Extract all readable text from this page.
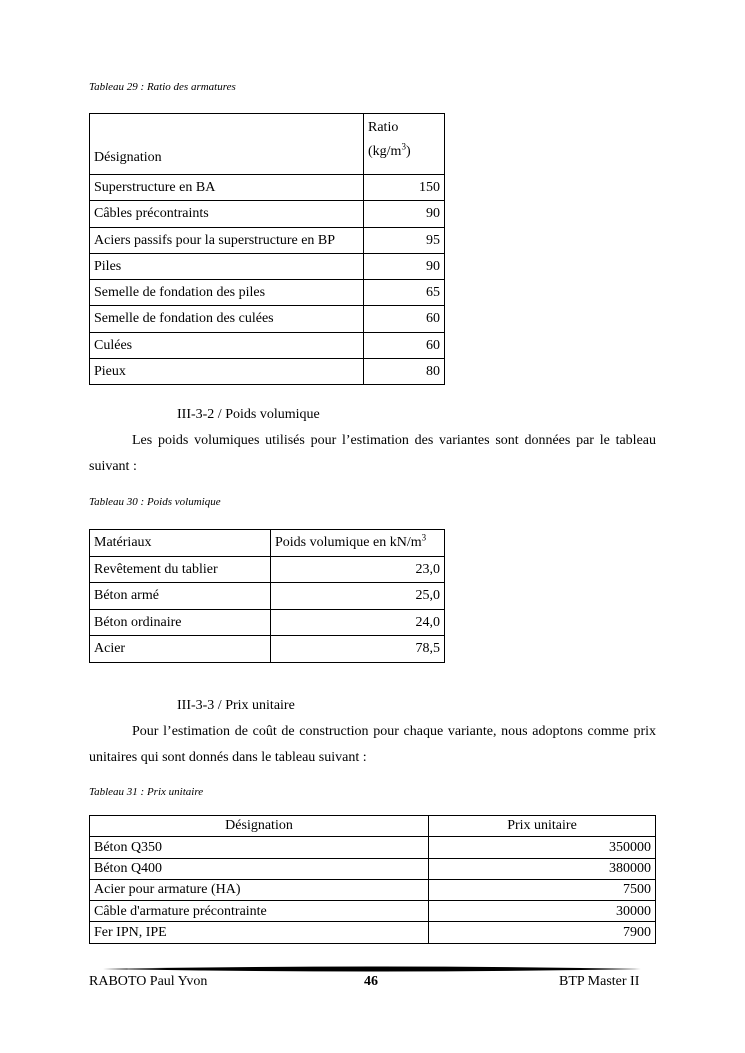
Tableau 29 : Ratio des armatures
Désignation	Ratio
$(kg/m^3)$
Superstructure en BA	150
Câbles précontraints	90
Aciers passifs pour la superstructure en BP	95
Piles	90
Semelle de fondation des piles	65
Semelle de fondation des culées	60
Culées	60
Pieux	80
III-3-2 / Poids volumique
Les poids volumiques utilisés pour l’estimation des variantes sont données par le tableau suivant :
Tableau 30 : Poids volumique
Matériaux	Poids volumique en $kN/m^3$
Revêtement du tablier	23,0
Béton armé	25,0
Béton ordinaire	24,0
Acier	78,5
III-3-3 / Prix unitaire
Pour l’estimation de coût de construction pour chaque variante, nous adoptons comme prix unitaires qui sont donnés dans le tableau suivant :
Tableau 31 : Prix unitaire
Désignation	Prix unitaire
Béton Q350	350000
Béton Q400	380000
Acier pour armature (HA)	7500
Câble d'armature précontrainte	30000
Fer IPN, IPE	7900
RABOTO Paul Yvon	46	BTP Master II
